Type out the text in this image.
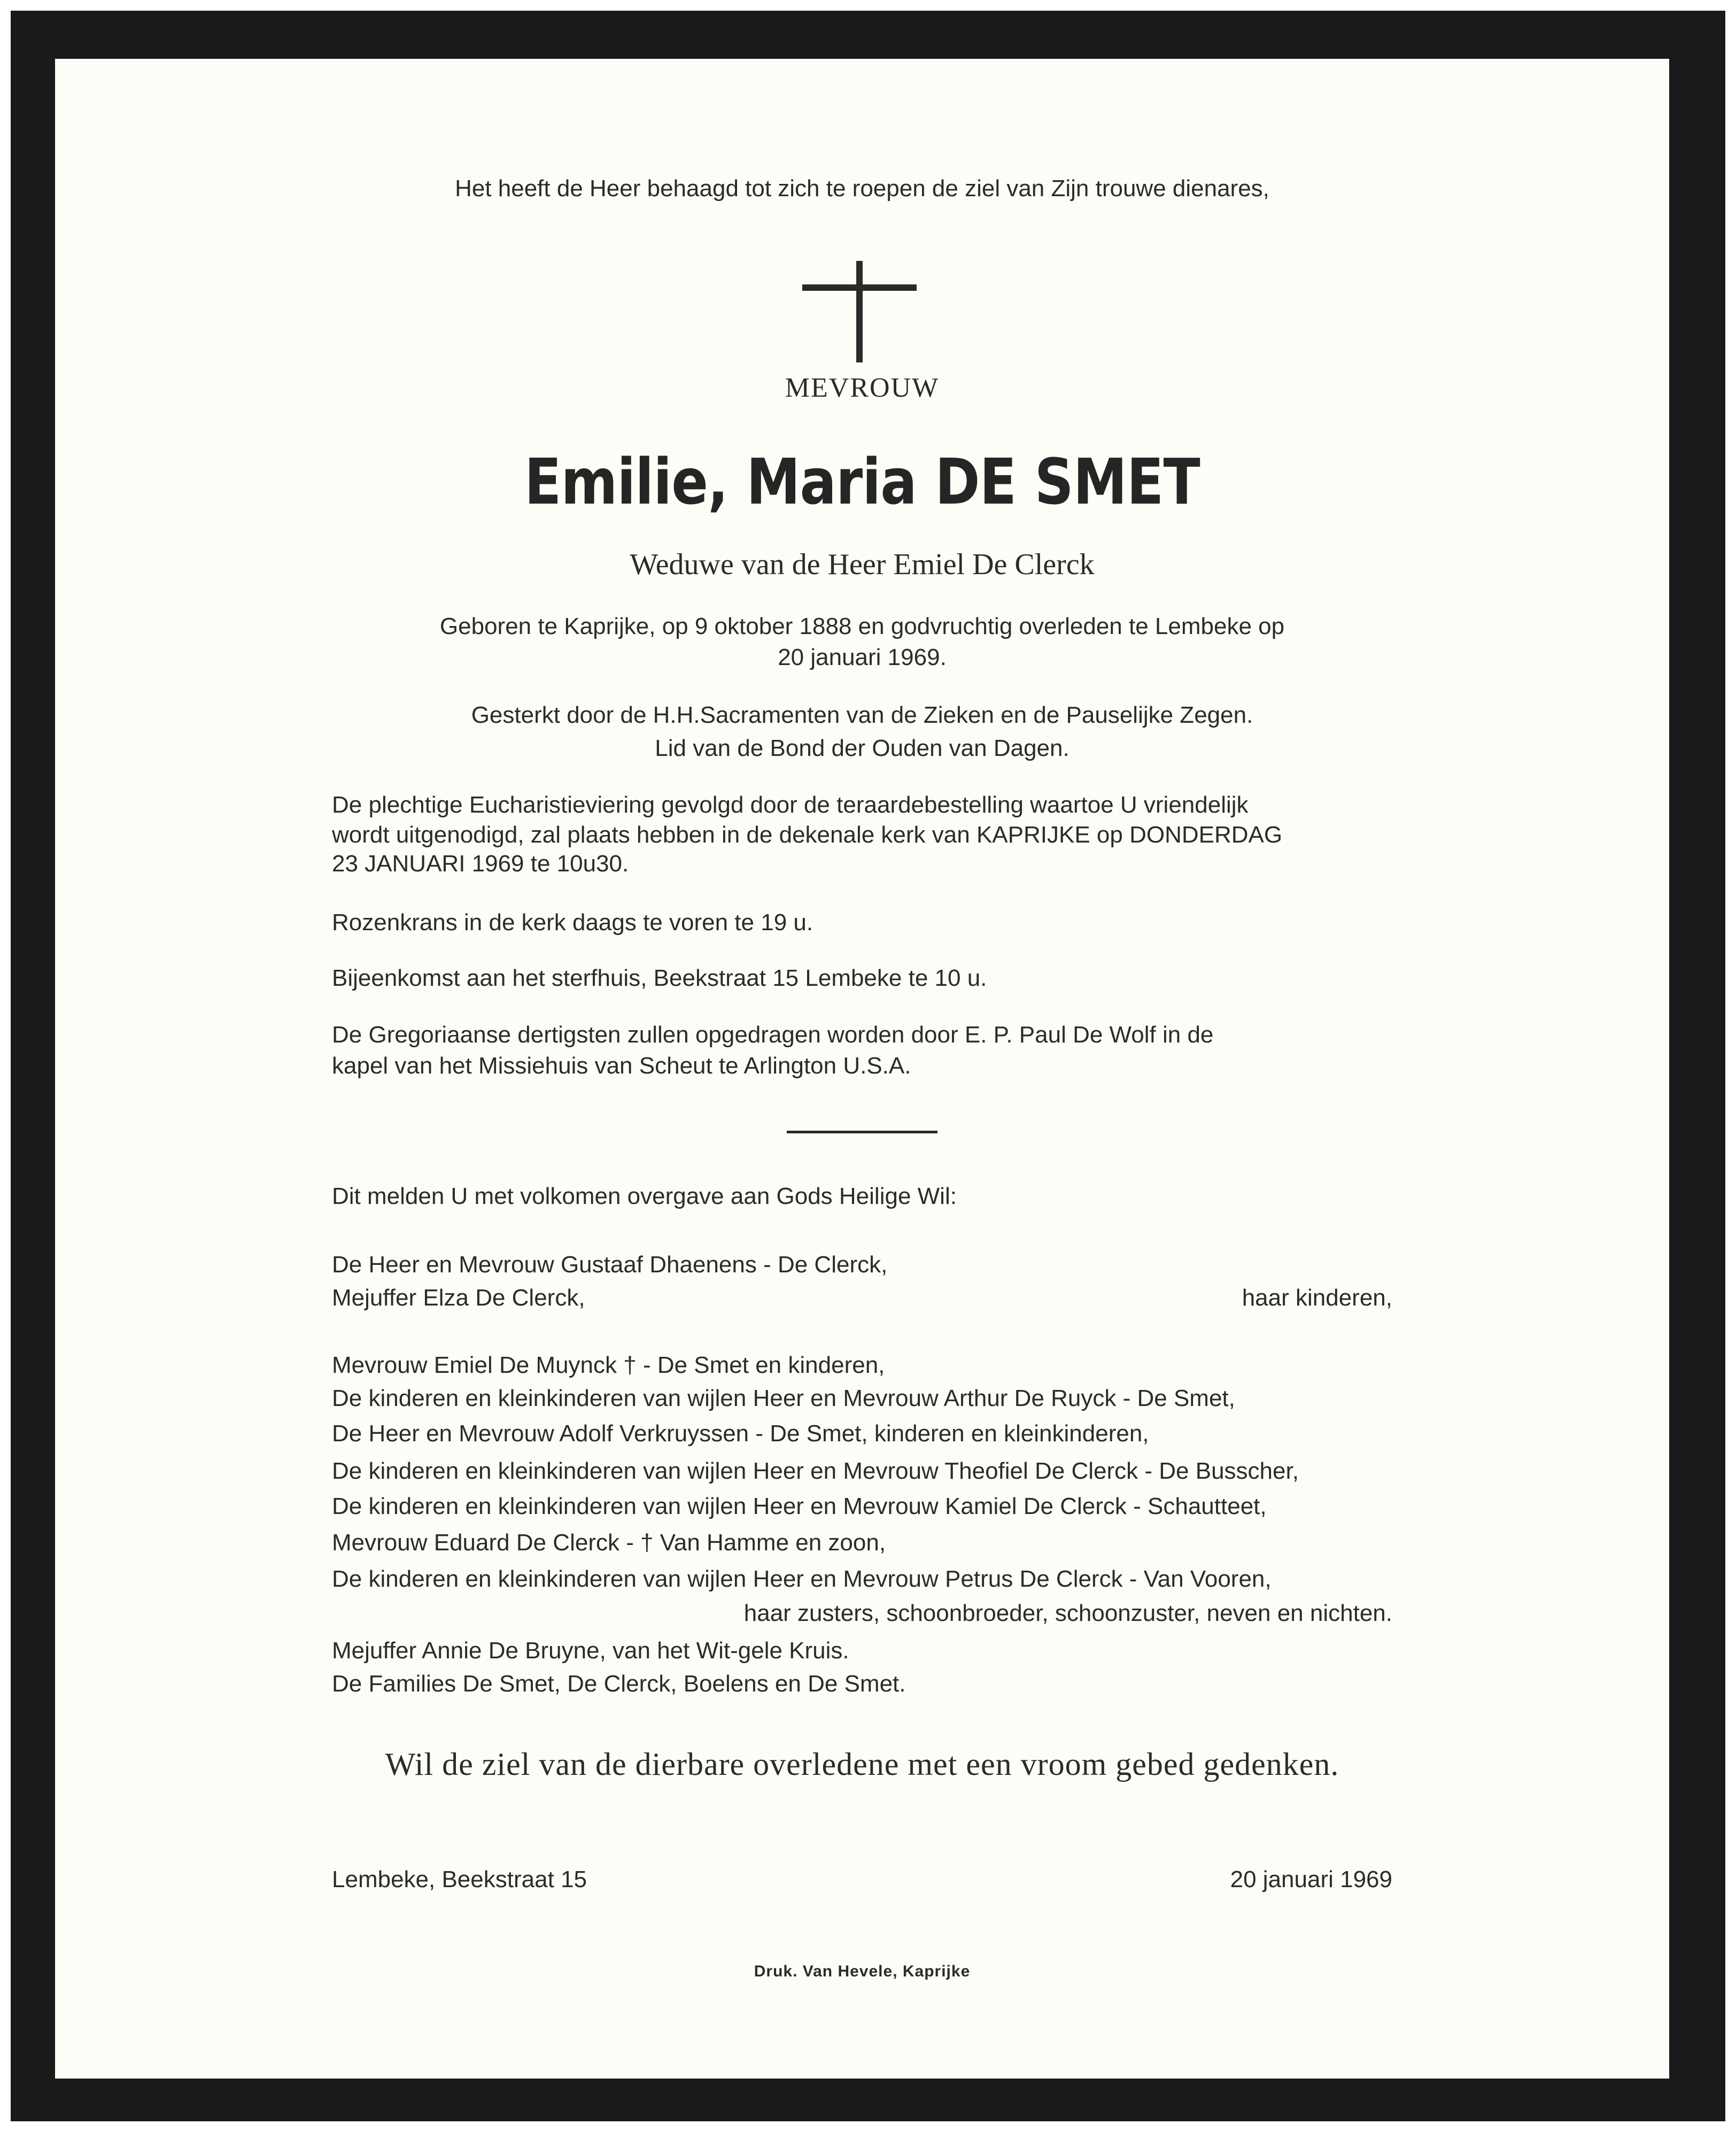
Het heeft de Heer behaagd tot zich te roepen de ziel van Zijn trouwe dienares,
MEVROUW
Emilie, Maria DE SMET
Weduwe van de Heer Emiel De Clerck
Geboren te Kaprijke, op 9 oktober 1888 en godvruchtig overleden te Lembeke op
20 januari 1969.
Gesterkt door de H.H.Sacramenten van de Zieken en de Pauselijke Zegen.
Lid van de Bond der Ouden van Dagen.
De plechtige Eucharistieviering gevolgd door de teraardebestelling waartoe U vriendelijk
wordt uitgenodigd, zal plaats hebben in de dekenale kerk van KAPRIJKE op DONDERDAG
23 JANUARI 1969 te 10u30.
Rozenkrans in de kerk daags te voren te 19 u.
Bijeenkomst aan het sterfhuis, Beekstraat 15 Lembeke te 10 u.
De Gregoriaanse dertigsten zullen opgedragen worden door E. P. Paul De Wolf in de
kapel van het Missiehuis van Scheut te Arlington U.S.A.
Dit melden U met volkomen overgave aan Gods Heilige Wil:
De Heer en Mevrouw Gustaaf Dhaenens - De Clerck,
Mejuffer Elza De Clerck,	haar kinderen,
Mevrouw Emiel De Muynck † - De Smet en kinderen,
De kinderen en kleinkinderen van wijlen Heer en Mevrouw Arthur De Ruyck - De Smet,
De Heer en Mevrouw Adolf Verkruyssen - De Smet, kinderen en kleinkinderen,
De kinderen en kleinkinderen van wijlen Heer en Mevrouw Theofiel De Clerck - De Busscher,
De kinderen en kleinkinderen van wijlen Heer en Mevrouw Kamiel De Clerck - Schautteet,
Mevrouw Eduard De Clerck - † Van Hamme en zoon,
De kinderen en kleinkinderen van wijlen Heer en Mevrouw Petrus De Clerck - Van Vooren,
haar zusters, schoonbroeder, schoonzuster, neven en nichten.
Mejuffer Annie De Bruyne, van het Wit-gele Kruis.
De Families De Smet, De Clerck, Boelens en De Smet.
Wil de ziel van de dierbare overledene met een vroom gebed gedenken.
Lembeke, Beekstraat 15	20 januari 1969
Druk. Van Hevele, Kaprijke
